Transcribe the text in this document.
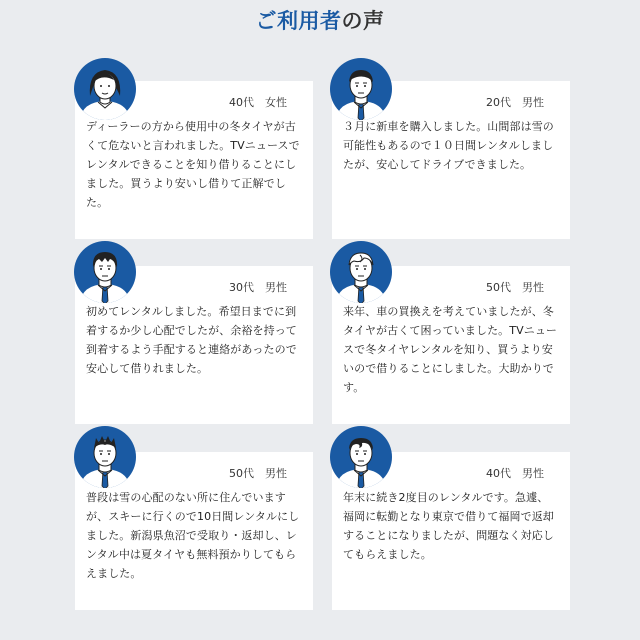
ご利用者の声
40代　女性
ディーラーの方から使用中の冬タイヤが古くて危ないと言われました。TVニュースでレンタルできることを知り借りることにしました。買うより安いし借りて正解でした。
20代　男性
３月に新車を購入しました。山間部は雪の可能性もあるので１０日間レンタルしましたが、安心してドライブできました。
30代　男性
初めてレンタルしました。希望日までに到着するか少し心配でしたが、余裕を持って到着するよう手配すると連絡があったので安心して借りれました。
50代　男性
来年、車の買換えを考えていましたが、冬タイヤが古くて困っていました。TVニュースで冬タイヤレンタルを知り、買うより安いので借りることにしました。大助かりです。
50代　男性
普段は雪の心配のない所に住んでいますが、スキーに行くので10日間レンタルにしました。新潟県魚沼で受取り・返却し、レンタル中は夏タイヤも無料預かりしてもらえました。
40代　男性
年末に続き2度目のレンタルです。急遽、福岡に転勤となり東京で借りて福岡で返却することになりましたが、問題なく対応してもらえました。
